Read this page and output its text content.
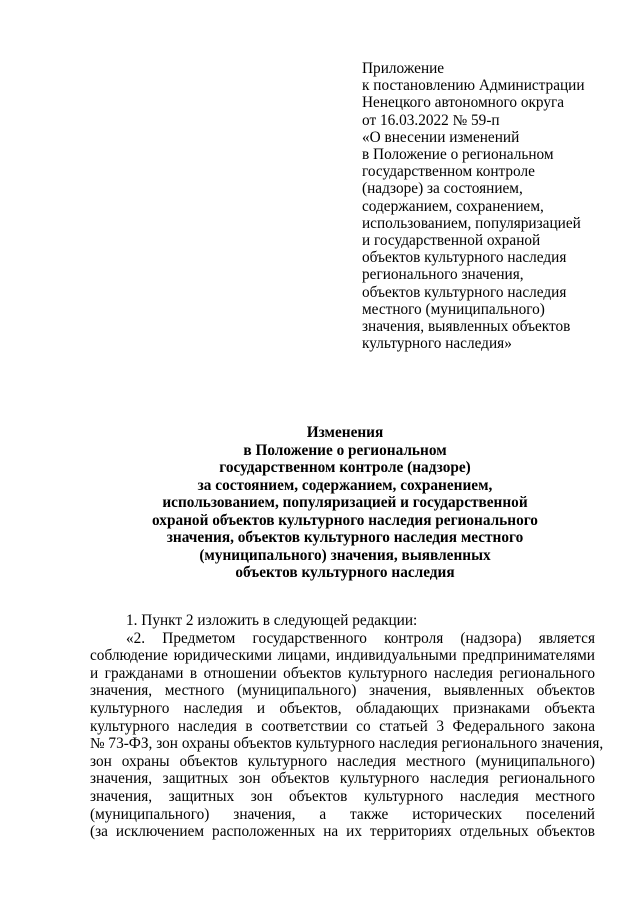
Приложение
к постановлению Администрации
Ненецкого автономного округа
от 16.03.2022 № 59-п
«О внесении изменений
в Положение о региональном
государственном контроле
(надзоре) за состоянием,
содержанием, сохранением,
использованием, популяризацией
и государственной охраной
объектов культурного наследия
регионального значения,
объектов культурного наследия
местного (муниципального)
значения, выявленных объектов
культурного наследия»
Изменения
в Положение о региональном
государственном контроле (надзоре)
за состоянием, содержанием, сохранением,
использованием, популяризацией и государственной
охраной объектов культурного наследия регионального
значения, объектов культурного наследия местного
(муниципального) значения, выявленных
объектов культурного наследия
1. Пункт 2 изложить в следующей редакции:
«2. Предметом государственного контроля (надзора) является
соблюдение юридическими лицами, индивидуальными предпринимателями
и гражданами в отношении объектов культурного наследия регионального
значения, местного (муниципального) значения, выявленных объектов
культурного наследия и объектов, обладающих признаками объекта
культурного наследия в соответствии со статьей 3 Федерального закона
№ 73-ФЗ, зон охраны объектов культурного наследия регионального значения,
зон охраны объектов культурного наследия местного (муниципального)
значения, защитных зон объектов культурного наследия регионального
значения, защитных зон объектов культурного наследия местного
(муниципального) значения, а также исторических поселений
(за исключением расположенных на их территориях отдельных объектов
